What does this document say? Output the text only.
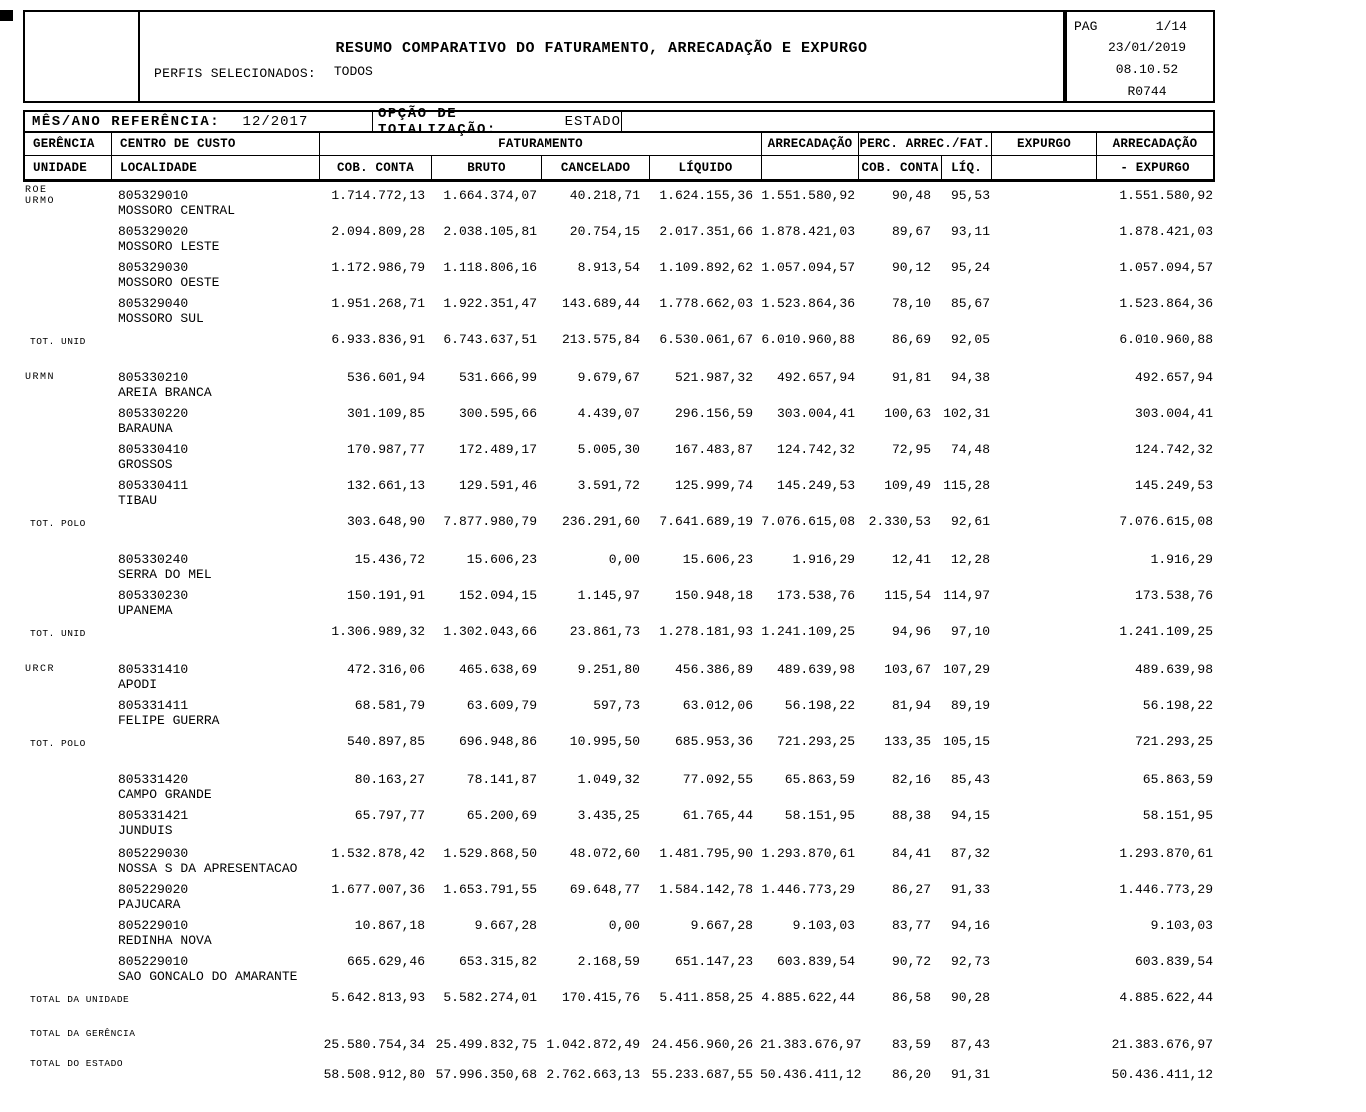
RESUMO COMPARATIVO DO FATURAMENTO, ARRECADAÇÃO E EXPURGO
PERFIS SELECIONADOS: TODOS
PAG	1/14
23/01/2019
08.10.52
R0744
MÊS/ANO REFERÊNCIA: 12/2017	OPÇÃO DE TOTALIZAÇÃO:	ESTADO
GERÊNCIA	CENTRO DE CUSTO	FATURAMENTO	ARRECADAÇÃO PERC. ARREC./FAT.	EXPURGO	ARRECADAÇÃO
UNIDADE	LOCALIDADE	COB. CONTA	BRUTO	CANCELADO	LÍQUIDO	COB. CONTA	LÍQ.	- EXPURGO
ROE
URMO	805329010
MOSSORO CENTRAL
1.714.772,13	1.664.374,07	40.218,71	1.624.155,36 1.551.580,92	90,48	95,53	1.551.580,92
805329020
MOSSORO LESTE
2.094.809,28	2.038.105,81	20.754,15	2.017.351,66 1.878.421,03	89,67	93,11	1.878.421,03
805329030
MOSSORO OESTE
1.172.986,79	1.118.806,16	8.913,54	1.109.892,62 1.057.094,57	90,12	95,24	1.057.094,57
805329040
MOSSORO SUL
1.951.268,71	1.922.351,47	143.689,44	1.778.662,03 1.523.864,36	78,10	85,67	1.523.864,36
TOT. UNID	6.933.836,91	6.743.637,51	213.575,84	6.530.061,67 6.010.960,88	86,69	92,05	6.010.960,88
URMN	805330210
AREIA BRANCA
536.601,94	531.666,99	9.679,67	521.987,32	492.657,94	91,81	94,38	492.657,94
805330220
BARAUNA
301.109,85	300.595,66	4.439,07	296.156,59	303.004,41	100,63 102,31	303.004,41
805330410
GROSSOS
170.987,77	172.489,17	5.005,30	167.483,87	124.742,32	72,95	74,48	124.742,32
805330411
TIBAU
132.661,13	129.591,46	3.591,72	125.999,74	145.249,53	109,49 115,28	145.249,53
TOT. POLO	303.648,90	7.877.980,79	236.291,60	7.641.689,19 7.076.615,08	2.330,53	92,61	7.076.615,08
805330240
SERRA DO MEL
15.436,72	15.606,23	0,00	15.606,23	1.916,29	12,41	12,28	1.916,29
805330230
UPANEMA
150.191,91	152.094,15	1.145,97	150.948,18	173.538,76	115,54 114,97	173.538,76
TOT. UNID	1.306.989,32	1.302.043,66	23.861,73	1.278.181,93 1.241.109,25	94,96	97,10	1.241.109,25
URCR	805331410
APODI
472.316,06	465.638,69	9.251,80	456.386,89	489.639,98	103,67 107,29	489.639,98
805331411
FELIPE GUERRA
68.581,79	63.609,79	597,73	63.012,06	56.198,22	81,94	89,19	56.198,22
TOT. POLO	540.897,85	696.948,86	10.995,50	685.953,36	721.293,25	133,35 105,15	721.293,25
805331420
CAMPO GRANDE
80.163,27	78.141,87	1.049,32	77.092,55	65.863,59	82,16	85,43	65.863,59
805331421
JUNDUIS
65.797,77	65.200,69	3.435,25	61.765,44	58.151,95	88,38	94,15	58.151,95
805229030
NOSSA S DA APRESENTACAO
1.532.878,42	1.529.868,50	48.072,60	1.481.795,90 1.293.870,61	84,41	87,32	1.293.870,61
805229020
PAJUCARA
1.677.007,36	1.653.791,55	69.648,77	1.584.142,78 1.446.773,29	86,27	91,33	1.446.773,29
805229010
REDINHA NOVA
10.867,18	9.667,28	0,00	9.667,28	9.103,03	83,77	94,16	9.103,03
805229010
SAO GONCALO DO AMARANTE
665.629,46	653.315,82	2.168,59	651.147,23	603.839,54	90,72	92,73	603.839,54
TOTAL DA UNIDADE	5.642.813,93	5.582.274,01	170.415,76	5.411.858,25 4.885.622,44	86,58	90,28	4.885.622,44
TOTAL DA GERÊNCIA
25.580.754,34 25.499.832,75 1.042.872,49 24.456.960,26 21.383.676,97	83,59	87,43	21.383.676,97
TOTAL DO ESTADO
58.508.912,80 57.996.350,68 2.762.663,13 55.233.687,55 50.436.411,12	86,20	91,31	50.436.411,12
